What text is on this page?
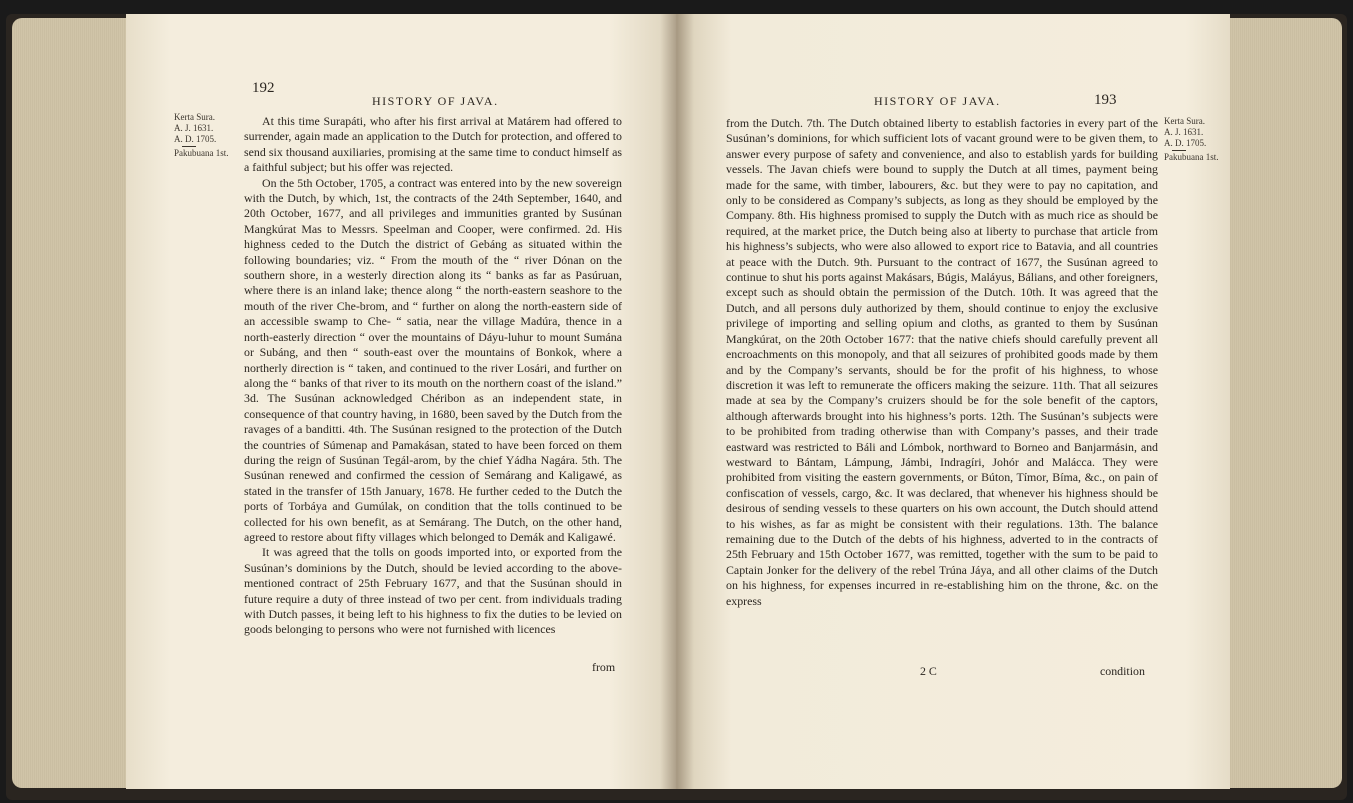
192
HISTORY OF JAVA.
Kerta Sura.
A. J. 1631.
A. D. 1705.
Pakubuana 1st.

At this time Surapáti, who after his first arrival at Matárem had offered to surrender, again made an application to the Dutch for protection, and offered to send six thousand auxiliaries, promising at the same time to conduct himself as a faithful subject; but his offer was rejected.

On the 5th October, 1705, a contract was entered into by the new sovereign with the Dutch, by which, 1st, the contracts of the 24th September, 1640, and 20th October, 1677, and all privileges and immunities granted by Susúnan Mangkúrat Mas to Messrs. Speelman and Cooper, were confirmed. 2d. His highness ceded to the Dutch the district of Gebáng as situated within the following boundaries; viz. “ From the mouth of the “ river Dónan on the southern shore, in a westerly direction along its “ banks as far as Pasúruan, where there is an inland lake; thence along “ the north-eastern seashore to the mouth of the river Che-brom, and “ further on along the north-eastern side of an accessible swamp to Che- “ satia, near the village Madúra, thence in a north-easterly direction “ over the mountains of Dáyu-luhur to mount Sumána or Subáng, and then “ south-east over the mountains of Bonkok, where a northerly direction is “ taken, and continued to the river Losári, and further on along the “ banks of that river to its mouth on the northern coast of the island.” 3d. The Susúnan acknowledged Chéribon as an independent state, in consequence of that country having, in 1680, been saved by the Dutch from the ravages of a banditti. 4th. The Susúnan resigned to the protection of the Dutch the countries of Súmenap and Pamakásan, stated to have been forced on them during the reign of Susúnan Tegál-arom, by the chief Yádha Nagára. 5th. The Susúnan renewed and confirmed the cession of Semárang and Kaligawé, as stated in the transfer of 15th January, 1678. He further ceded to the Dutch the ports of Torbáya and Gumúlak, on condition that the tolls continued to be collected for his own benefit, as at Semárang. The Dutch, on the other hand, agreed to restore about fifty villages which belonged to Demák and Kaligawé.

It was agreed that the tolls on goods imported into, or exported from the Susúnan’s dominions by the Dutch, should be levied according to the above-mentioned contract of 25th February 1677, and that the Susúnan should in future require a duty of three instead of two per cent. from individuals trading with Dutch passes, it being left to his highness to fix the duties to be levied on goods belonging to persons who were not furnished with licences

from
HISTORY OF JAVA.	193
Kerta Sura.
A. J. 1631.
A. D. 1705.
Pakubuana 1st.

from the Dutch. 7th. The Dutch obtained liberty to establish factories in every part of the Susúnan’s dominions, for which sufficient lots of vacant ground were to be given them, to answer every purpose of safety and convenience, and also to establish yards for building vessels. The Javan chiefs were bound to supply the Dutch at all times, payment being made for the same, with timber, labourers, &c. but they were to pay no capitation, and only to be considered as Company’s subjects, as long as they should be employed by the Company. 8th. His highness promised to supply the Dutch with as much rice as should be required, at the market price, the Dutch being also at liberty to purchase that article from his highness’s subjects, who were also allowed to export rice to Batavia, and all countries at peace with the Dutch. 9th. Pursuant to the contract of 1677, the Susúnan agreed to continue to shut his ports against Makásars, Búgis, Maláyus, Bálians, and other foreigners, except such as should obtain the permission of the Dutch. 10th. It was agreed that the Dutch, and all persons duly authorized by them, should continue to enjoy the exclusive privilege of importing and selling opium and cloths, as granted to them by Susúnan Mangkúrat, on the 20th October 1677: that the native chiefs should carefully prevent all encroachments on this monopoly, and that all seizures of prohibited goods made by them and by the Company’s servants, should be for the profit of his highness, to whose discretion it was left to remunerate the officers making the seizure. 11th. That all seizures made at sea by the Company’s cruizers should be for the sole benefit of the captors, although afterwards brought into his highness’s ports. 12th. The Susúnan’s subjects were to be prohibited from trading otherwise than with Company’s passes, and their trade eastward was restricted to Báli and Lómbok, northward to Borneo and Banjarmásin, and westward to Bántam, Lámpung, Jámbi, Indragíri, Johór and Malácca. They were prohibited from visiting the eastern governments, or Búton, Tímor, Bíma, &c., on pain of confiscation of vessels, cargo, &c. It was declared, that whenever his highness should be desirous of sending vessels to these quarters on his own account, the Dutch should attend to his wishes, as far as might be consistent with their regulations. 13th. The balance remaining due to the Dutch of the debts of his highness, adverted to in the contracts of 25th February and 15th October 1677, was remitted, together with the sum to be paid to Captain Jonker for the delivery of the rebel Trúna Jáya, and all other claims of the Dutch on his highness, for expenses incurred in re-establishing him on the throne, &c. on the express

2 C	condition
